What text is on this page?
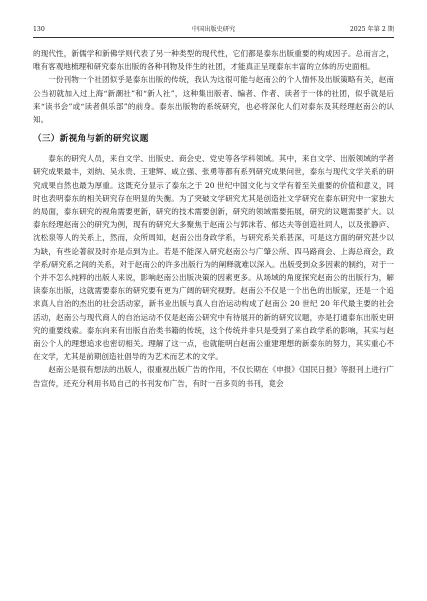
130	中国出版史研究	2025 年第 2 期

的现代性，新儒学和新佛学则代表了另一种类型的现代性，它们都是泰东出版重要的构成因子。总而言之，唯有客观地梳理和研究泰东出版的各种刊物及伴生的社团，才能真正呈现泰东丰富的立体的历史面相。

一份刊物一个社团似乎是泰东出版的传统，我认为这很可能与赵南公的个人情怀及出版策略有关，赵南公当初就加入过上海“新潮社”和“新人社”，这种集出版者、编者、作者、读者于一体的社团，似乎就是后来“读书会”或“读者俱乐部”的前身。泰东出版物的系统研究，也必将深化人们对泰东及其经理赵南公的认知。

（三）新视角与新的研究议题

泰东的研究人员，来自文学、出版史、商会史、党史等各学科领域。其中，来自文学、出版领域的学者研究成果最丰，刘纳、吴永贵、王建辉、咸立强、张勇等都有系列研究成果问世，泰东与现代文学关系的研究成果自然也最为厚重。这既充分显示了泰东之于 20 世纪中国文化与文学有着至关重要的价值和意义，同时也表明泰东的相关研究存在明显的失衡。为了突破文学研究尤其是创造社文学研究在泰东研究中一家独大的局面，泰东研究的视角需要更新，研究的技术需要创新，研究的领域需要拓展，研究的议题需要扩大。以泰东经理赵南公的研究为例，现有的研究大多聚焦于赵南公与郭沫若、郁达夫等创造社同人，以及张静庐、沈松泉等人的关系上，然而，众所周知，赵南公出身政学系，与研究系关系甚深，可是这方面的研究甚少以为缺，有些论著叙及时亦是点到为止。若是不能深入研究赵南公与广肇公所、四马路商会、上海总商会，政学系/研究系之间的关系，对于赵南公的许多出版行为的阐释就难以深入。出版受到众多因素的制约，对于一个并不怎么纯粹的出版人来说，影响赵南公出版决策的因素更多。从场域的角度探究赵南公的出版行为，解读泰东出版，这就需要泰东的研究要有更为广阔的研究视野。赵南公不仅是一个出色的出版家，还是一个追求真人自治的杰出的社会活动家，新书业出版与真人自治运动构成了赵南公 20 世纪 20 年代最主要的社会活动，赵南公与现代商人的自治运动不仅是赵南公研究中有待展开的新的研究议题，亦是打通泰东出版史研究的重要线索。泰东向来有出版自治类书籍的传统，这个传统并非只是受到了来自政学系的影响，其实与赵南公个人的理想追求也密切相关。理解了这一点，也就能明白赵南公重建理想的新泰东的努力，其实重心不在文学，尤其是前期创造社倡导的为艺术而艺术的文学。

赵南公是很有想法的出版人，很重视出版广告的作用，不仅长期在《申报》《国民日报》等报刊上进行广告宣传，还充分利用书局自己的书刊发布广告，有时一百多页的书刊，竟会
